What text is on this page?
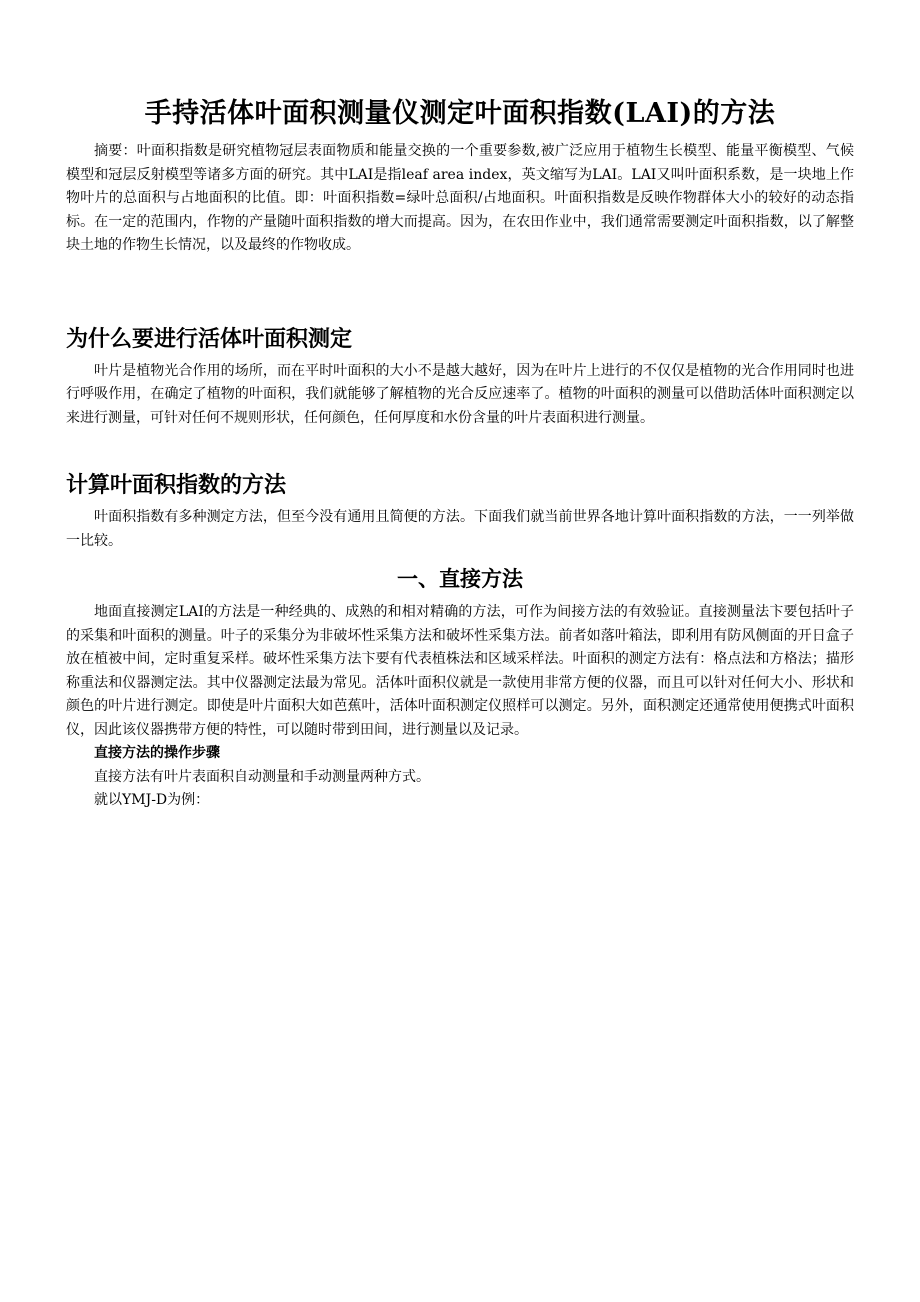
手持活体叶面积测量仪测定叶面积指数(LAI)的方法

摘要：叶面积指数是研究植物冠层表面物质和能量交换的一个重要参数,被广泛应用于植物生长模型、能量平衡模型、气候模型和冠层反射模型等诸多方面的研究。其中LAI是指leaf area index，英文缩写为LAI。LAI又叫叶面积系数，是一块地上作物叶片的总面积与占地面积的比值。即：叶面积指数=绿叶总面积/占地面积。叶面积指数是反映作物群体大小的较好的动态指标。在一定的范围内，作物的产量随叶面积指数的增大而提高。因为，在农田作业中，我们通常需要测定叶面积指数，以了解整块土地的作物生长情况，以及最终的作物收成。

为什么要进行活体叶面积测定

叶片是植物光合作用的场所，而在平时叶面积的大小不是越大越好，因为在叶片上进行的不仅仅是植物的光合作用同时也进行呼吸作用，在确定了植物的叶面积，我们就能够了解植物的光合反应速率了。植物的叶面积的测量可以借助活体叶面积测定以来进行测量，可针对任何不规则形状，任何颜色，任何厚度和水份含量的叶片表面积进行测量。

计算叶面积指数的方法

叶面积指数有多种测定方法，但至今没有通用且简便的方法。下面我们就当前世界各地计算叶面积指数的方法，一一列举做一比较。

一、直接方法

地面直接测定LAI的方法是一种经典的、成熟的和相对精确的方法，可作为间接方法的有效验证。直接测量法卞要包括叶子的采集和叶面积的测量。叶子的采集分为非破坏性采集方法和破坏性采集方法。前者如落叶箱法，即利用有防风侧面的开日盒子放在植被中间，定时重复采样。破坏性采集方法卞要有代表植株法和区域采样法。叶面积的测定方法有：格点法和方格法；描形称重法和仪器测定法。其中仪器测定法最为常见。活体叶面积仪就是一款使用非常方便的仪器，而且可以针对任何大小、形状和颜色的叶片进行测定。即使是叶片面积大如芭蕉叶，活体叶面积测定仪照样可以测定。另外，面积测定还通常使用便携式叶面积仪，因此该仪器携带方便的特性，可以随时带到田间，进行测量以及记录。

直接方法的操作步骤

直接方法有叶片表面积自动测量和手动测量两种方式。

就以YMJ-D为例：
